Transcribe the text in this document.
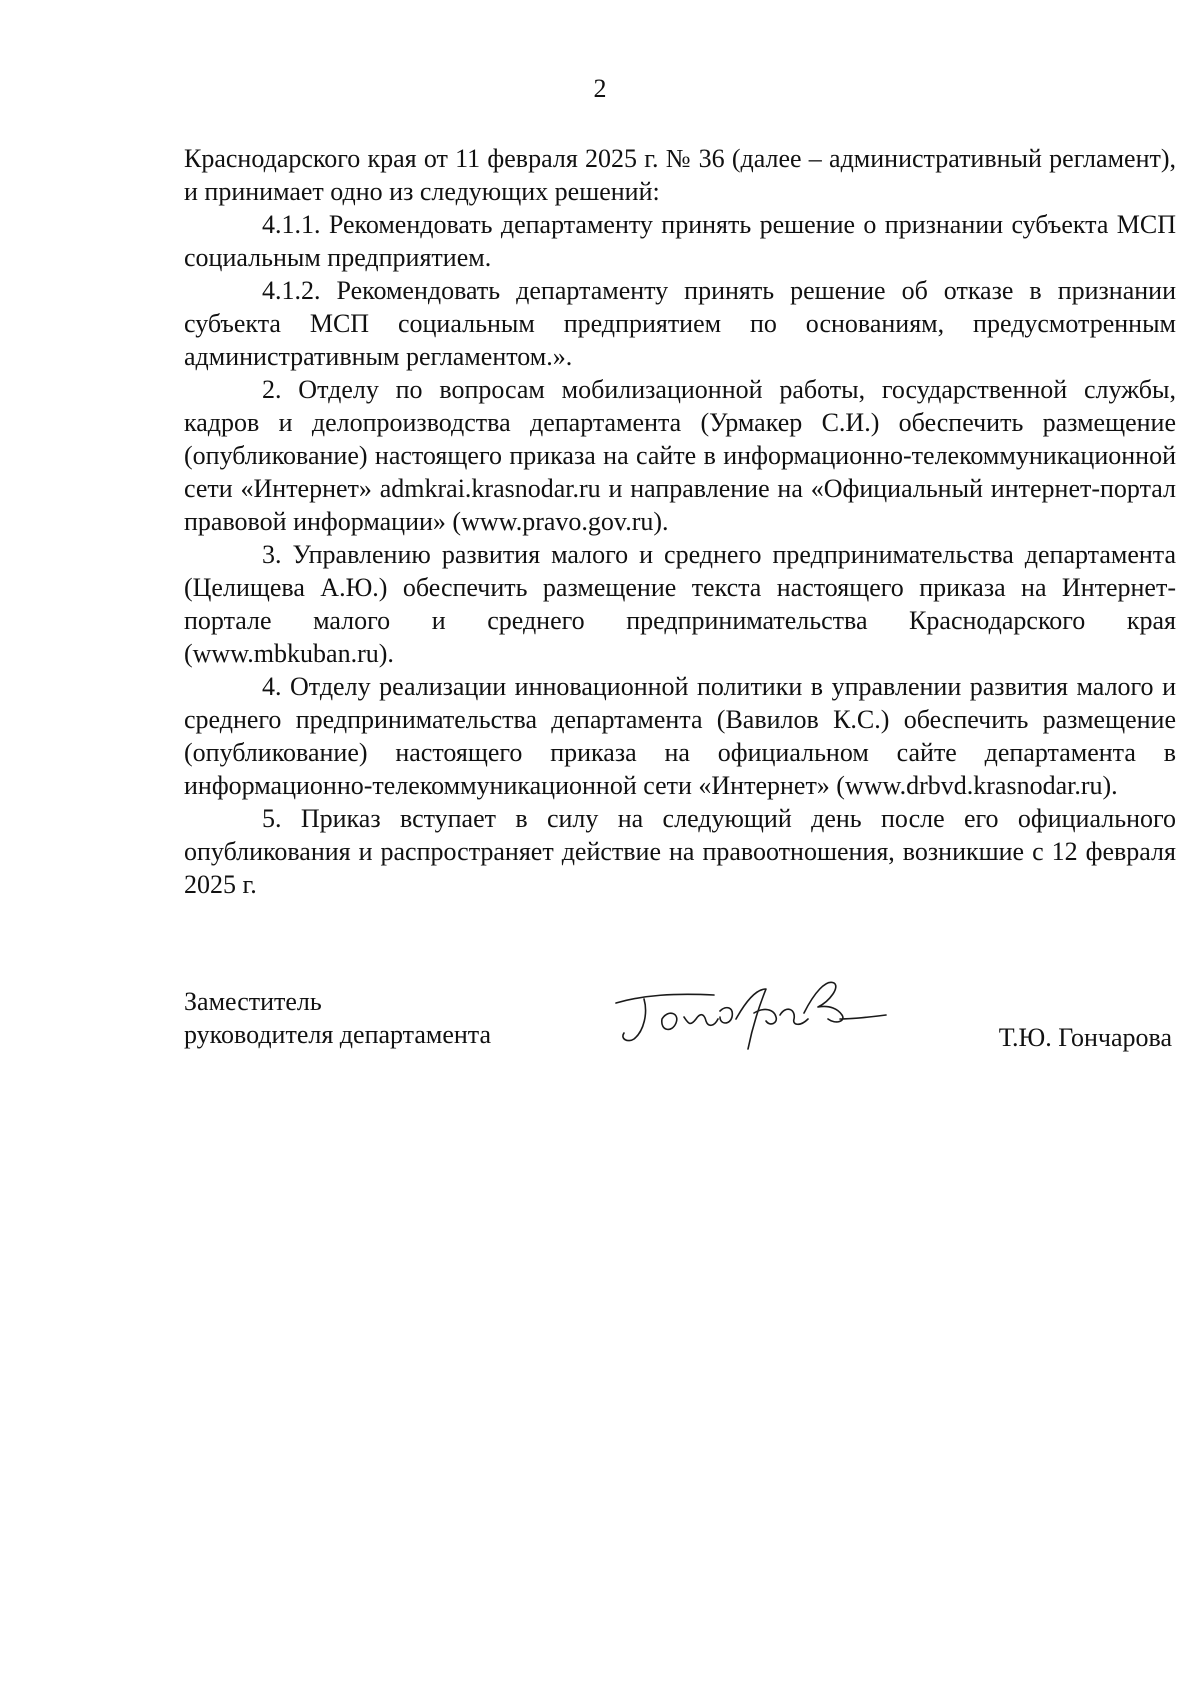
2

Краснодарского края от 11 февраля 2025 г. № 36 (далее – административный регламент), и принимает одно из следующих решений:

4.1.1. Рекомендовать департаменту принять решение о признании субъекта МСП социальным предприятием.

4.1.2. Рекомендовать департаменту принять решение об отказе в признании субъекта МСП социальным предприятием по основаниям, предусмотренным административным регламентом.».

2. Отделу по вопросам мобилизационной работы, государственной службы, кадров и делопроизводства департамента (Урмакер С.И.) обеспечить размещение (опубликование) настоящего приказа на сайте в информационно-телекоммуникационной сети «Интернет» admkrai.krasnodar.ru и направление на «Официальный интернет-портал правовой информации» (www.pravo.gov.ru).

3. Управлению развития малого и среднего предпринимательства департамента (Целищева А.Ю.) обеспечить размещение текста настоящего приказа на Интернет-портале малого и среднего предпринимательства Краснодарского края (www.mbkuban.ru).

4. Отделу реализации инновационной политики в управлении развития малого и среднего предпринимательства департамента (Вавилов К.С.) обеспечить размещение (опубликование) настоящего приказа на официальном сайте департамента в информационно-телекоммуникационной сети «Интернет» (www.drbvd.krasnodar.ru).

5. Приказ вступает в силу на следующий день после его официального опубликования и распространяет действие на правоотношения, возникшие с 12 февраля 2025 г.

Заместитель
руководителя департамента	Т.Ю. Гончарова
